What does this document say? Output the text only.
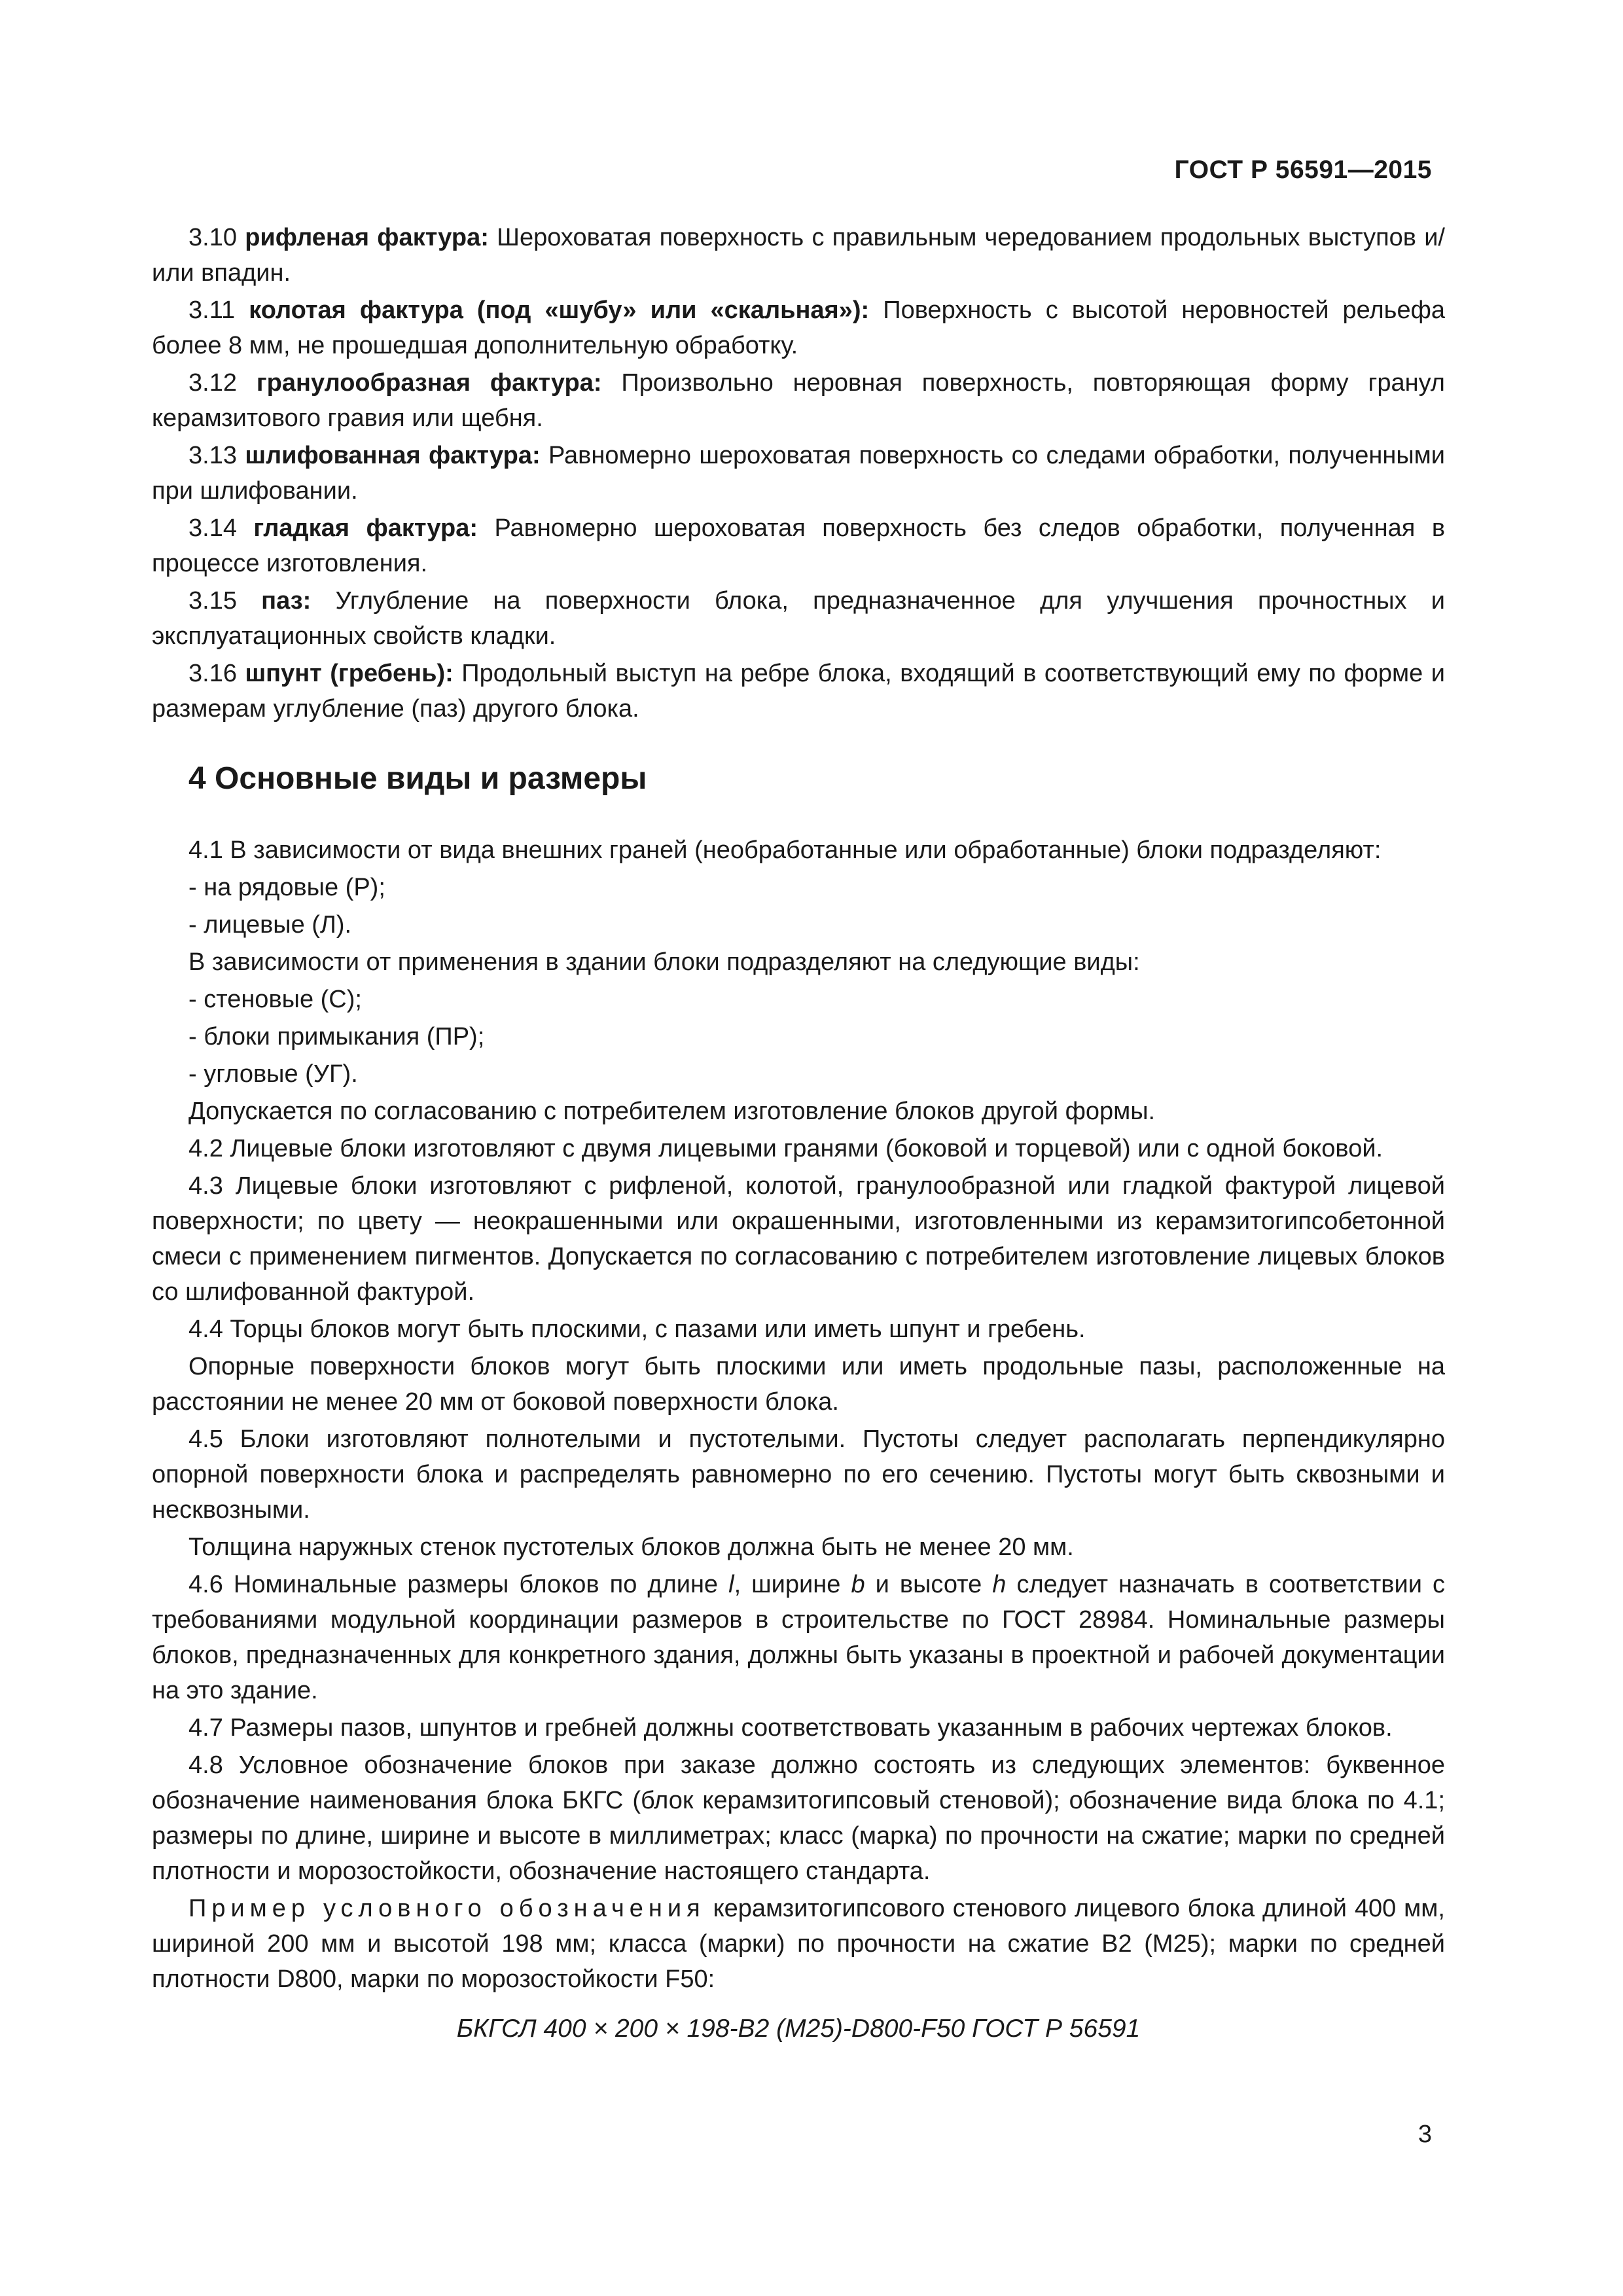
ГОСТ Р 56591—2015

3.10 рифленая фактура: Шероховатая поверхность с правильным чередованием продольных выступов и/или впадин.

3.11 колотая фактура (под «шубу» или «скальная»): Поверхность с высотой неровностей рельефа более 8 мм, не прошедшая дополнительную обработку.

3.12 гранулообразная фактура: Произвольно неровная поверхность, повторяющая форму гранул керамзитового гравия или щебня.

3.13 шлифованная фактура: Равномерно шероховатая поверхность со следами обработки, полученными при шлифовании.

3.14 гладкая фактура: Равномерно шероховатая поверхность без следов обработки, полученная в процессе изготовления.

3.15 паз: Углубление на поверхности блока, предназначенное для улучшения прочностных и эксплуатационных свойств кладки.

3.16 шпунт (гребень): Продольный выступ на ребре блока, входящий в соответствующий ему по форме и размерам углубление (паз) другого блока.

4 Основные виды и размеры

4.1 В зависимости от вида внешних граней (необработанные или обработанные) блоки подразделяют:

- на рядовые (Р);

- лицевые (Л).

В зависимости от применения в здании блоки подразделяют на следующие виды:

- стеновые (С);

- блоки примыкания (ПР);

- угловые (УГ).

Допускается по согласованию с потребителем изготовление блоков другой формы.

4.2 Лицевые блоки изготовляют с двумя лицевыми гранями (боковой и торцевой) или с одной боковой.

4.3 Лицевые блоки изготовляют с рифленой, колотой, гранулообразной или гладкой фактурой лицевой поверхности; по цвету — неокрашенными или окрашенными, изготовленными из керамзитогипсобетонной смеси с применением пигментов. Допускается по согласованию с потребителем изготовление лицевых блоков со шлифованной фактурой.

4.4 Торцы блоков могут быть плоскими, с пазами или иметь шпунт и гребень.

Опорные поверхности блоков могут быть плоскими или иметь продольные пазы, расположенные на расстоянии не менее 20 мм от боковой поверхности блока.

4.5 Блоки изготовляют полнотелыми и пустотелыми. Пустоты следует располагать перпендикулярно опорной поверхности блока и распределять равномерно по его сечению. Пустоты могут быть сквозными и несквозными.

Толщина наружных стенок пустотелых блоков должна быть не менее 20 мм.

4.6 Номинальные размеры блоков по длине l, ширине b и высоте h следует назначать в соответствии с требованиями модульной координации размеров в строительстве по ГОСТ 28984. Номинальные размеры блоков, предназначенных для конкретного здания, должны быть указаны в проектной и рабочей документации на это здание.

4.7 Размеры пазов, шпунтов и гребней должны соответствовать указанным в рабочих чертежах блоков.

4.8 Условное обозначение блоков при заказе должно состоять из следующих элементов: буквенное обозначение наименования блока БКГС (блок керамзитогипсовый стеновой); обозначение вида блока по 4.1; размеры по длине, ширине и высоте в миллиметрах; класс (марка) по прочности на сжатие; марки по средней плотности и морозостойкости, обозначение настоящего стандарта.

Пример условного обозначения керамзитогипсового стенового лицевого блока длиной 400 мм, шириной 200 мм и высотой 198 мм; класса (марки) по прочности на сжатие В2 (М25); марки по средней плотности D800, марки по морозостойкости F50:

БКГСЛ 400 × 200 × 198-В2 (М25)-D800-F50 ГОСТ Р 56591

3
